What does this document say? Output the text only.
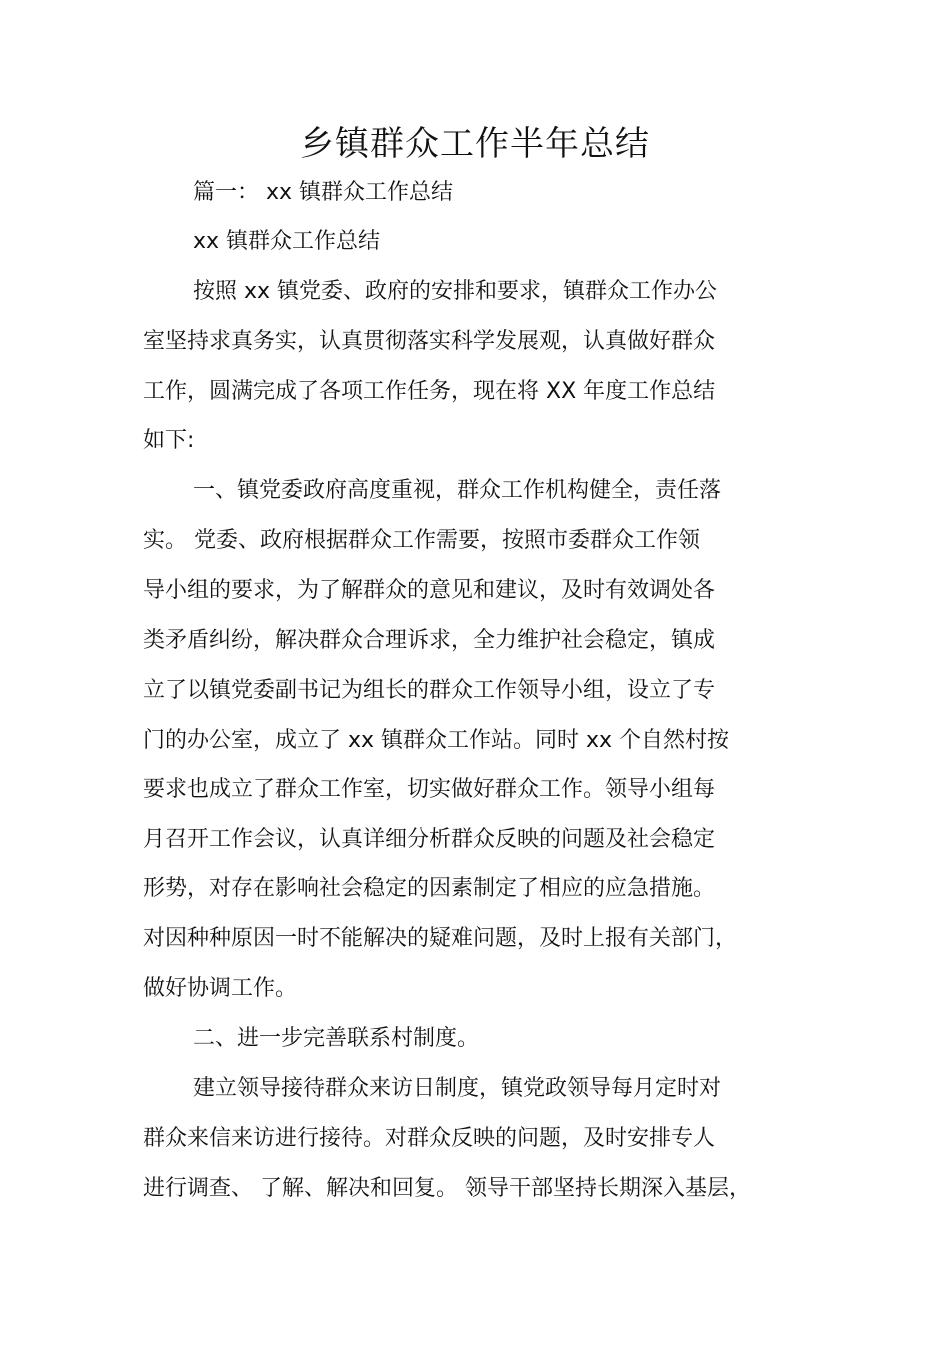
乡镇群众工作半年总结

篇一： xx 镇群众工作总结

xx 镇群众工作总结

按照 xx 镇党委、政府的安排和要求，镇群众工作办公

室坚持求真务实，认真贯彻落实科学发展观，认真做好群众

工作，圆满完成了各项工作任务，现在将 XX 年度工作总结

如下:

一、镇党委政府高度重视，群众工作机构健全，责任落

实。 党委、政府根据群众工作需要，按照市委群众工作领

导小组的要求，为了解群众的意见和建议，及时有效调处各

类矛盾纠纷，解决群众合理诉求，全力维护社会稳定，镇成

立了以镇党委副书记为组长的群众工作领导小组，设立了专

门的办公室，成立了 xx 镇群众工作站。同时 xx 个自然村按

要求也成立了群众工作室，切实做好群众工作。领导小组每

月召开工作会议，认真详细分析群众反映的问题及社会稳定

形势，对存在影响社会稳定的因素制定了相应的应急措施。

对因种种原因一时不能解决的疑难问题，及时上报有关部门，

做好协调工作。

二、进一步完善联系村制度。

建立领导接待群众来访日制度，镇党政领导每月定时对

群众来信来访进行接待。对群众反映的问题，及时安排专人

进行调查、 了解、解决和回复。 领导干部坚持长期深入基层，
